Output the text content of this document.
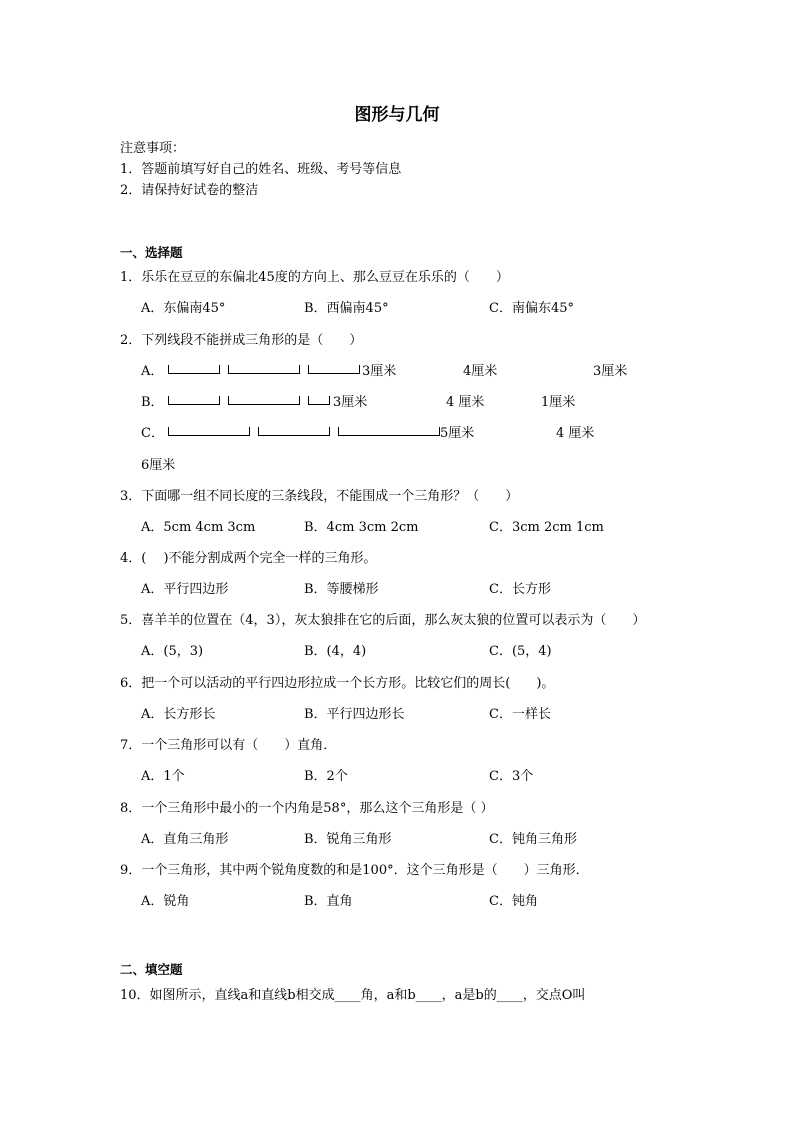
图形与几何
注意事项：
1．答题前填写好自己的姓名、班级、考号等信息
2．请保持好试卷的整洁
一、选择题
1．乐乐在豆豆的东偏北45度的方向上、那么豆豆在乐乐的（　　）
A．东偏南45°	B．西偏南45°	C．南偏东45°
2．下列线段不能拼成三角形的是（　　）
A．	3厘米	4厘米	3厘米
B．	3厘米	4 厘米	1厘米
C．	5厘米	4 厘米
6厘米
3．下面哪一组不同长度的三条线段，不能围成一个三角形？（　　）
A．5cm 4cm 3cm	B．4cm 3cm 2cm	C．3cm 2cm 1cm
4．(　 )不能分割成两个完全一样的三角形。
A．平行四边形	B．等腰梯形	C．长方形
5．喜羊羊的位置在（4，3），灰太狼排在它的后面，那么灰太狼的位置可以表示为（　　）
A．(5，3)	B．(4，4)	C．(5，4)
6．把一个可以活动的平行四边形拉成一个长方形。比较它们的周长(　　)。
A．长方形长	B．平行四边形长	C．一样长
7．一个三角形可以有（　　）直角．
A．1个	B．2个	C．3个
8．一个三角形中最小的一个内角是58°，那么这个三角形是（ ）
A．直角三角形	B．锐角三角形	C．钝角三角形
9．一个三角形，其中两个锐角度数的和是100°．这个三角形是（　　）三角形．
A．锐角	B．直角	C．钝角
二、填空题
10．如图所示，直线a和直线b相交成____角，a和b____，a是b的____，交点O叫
